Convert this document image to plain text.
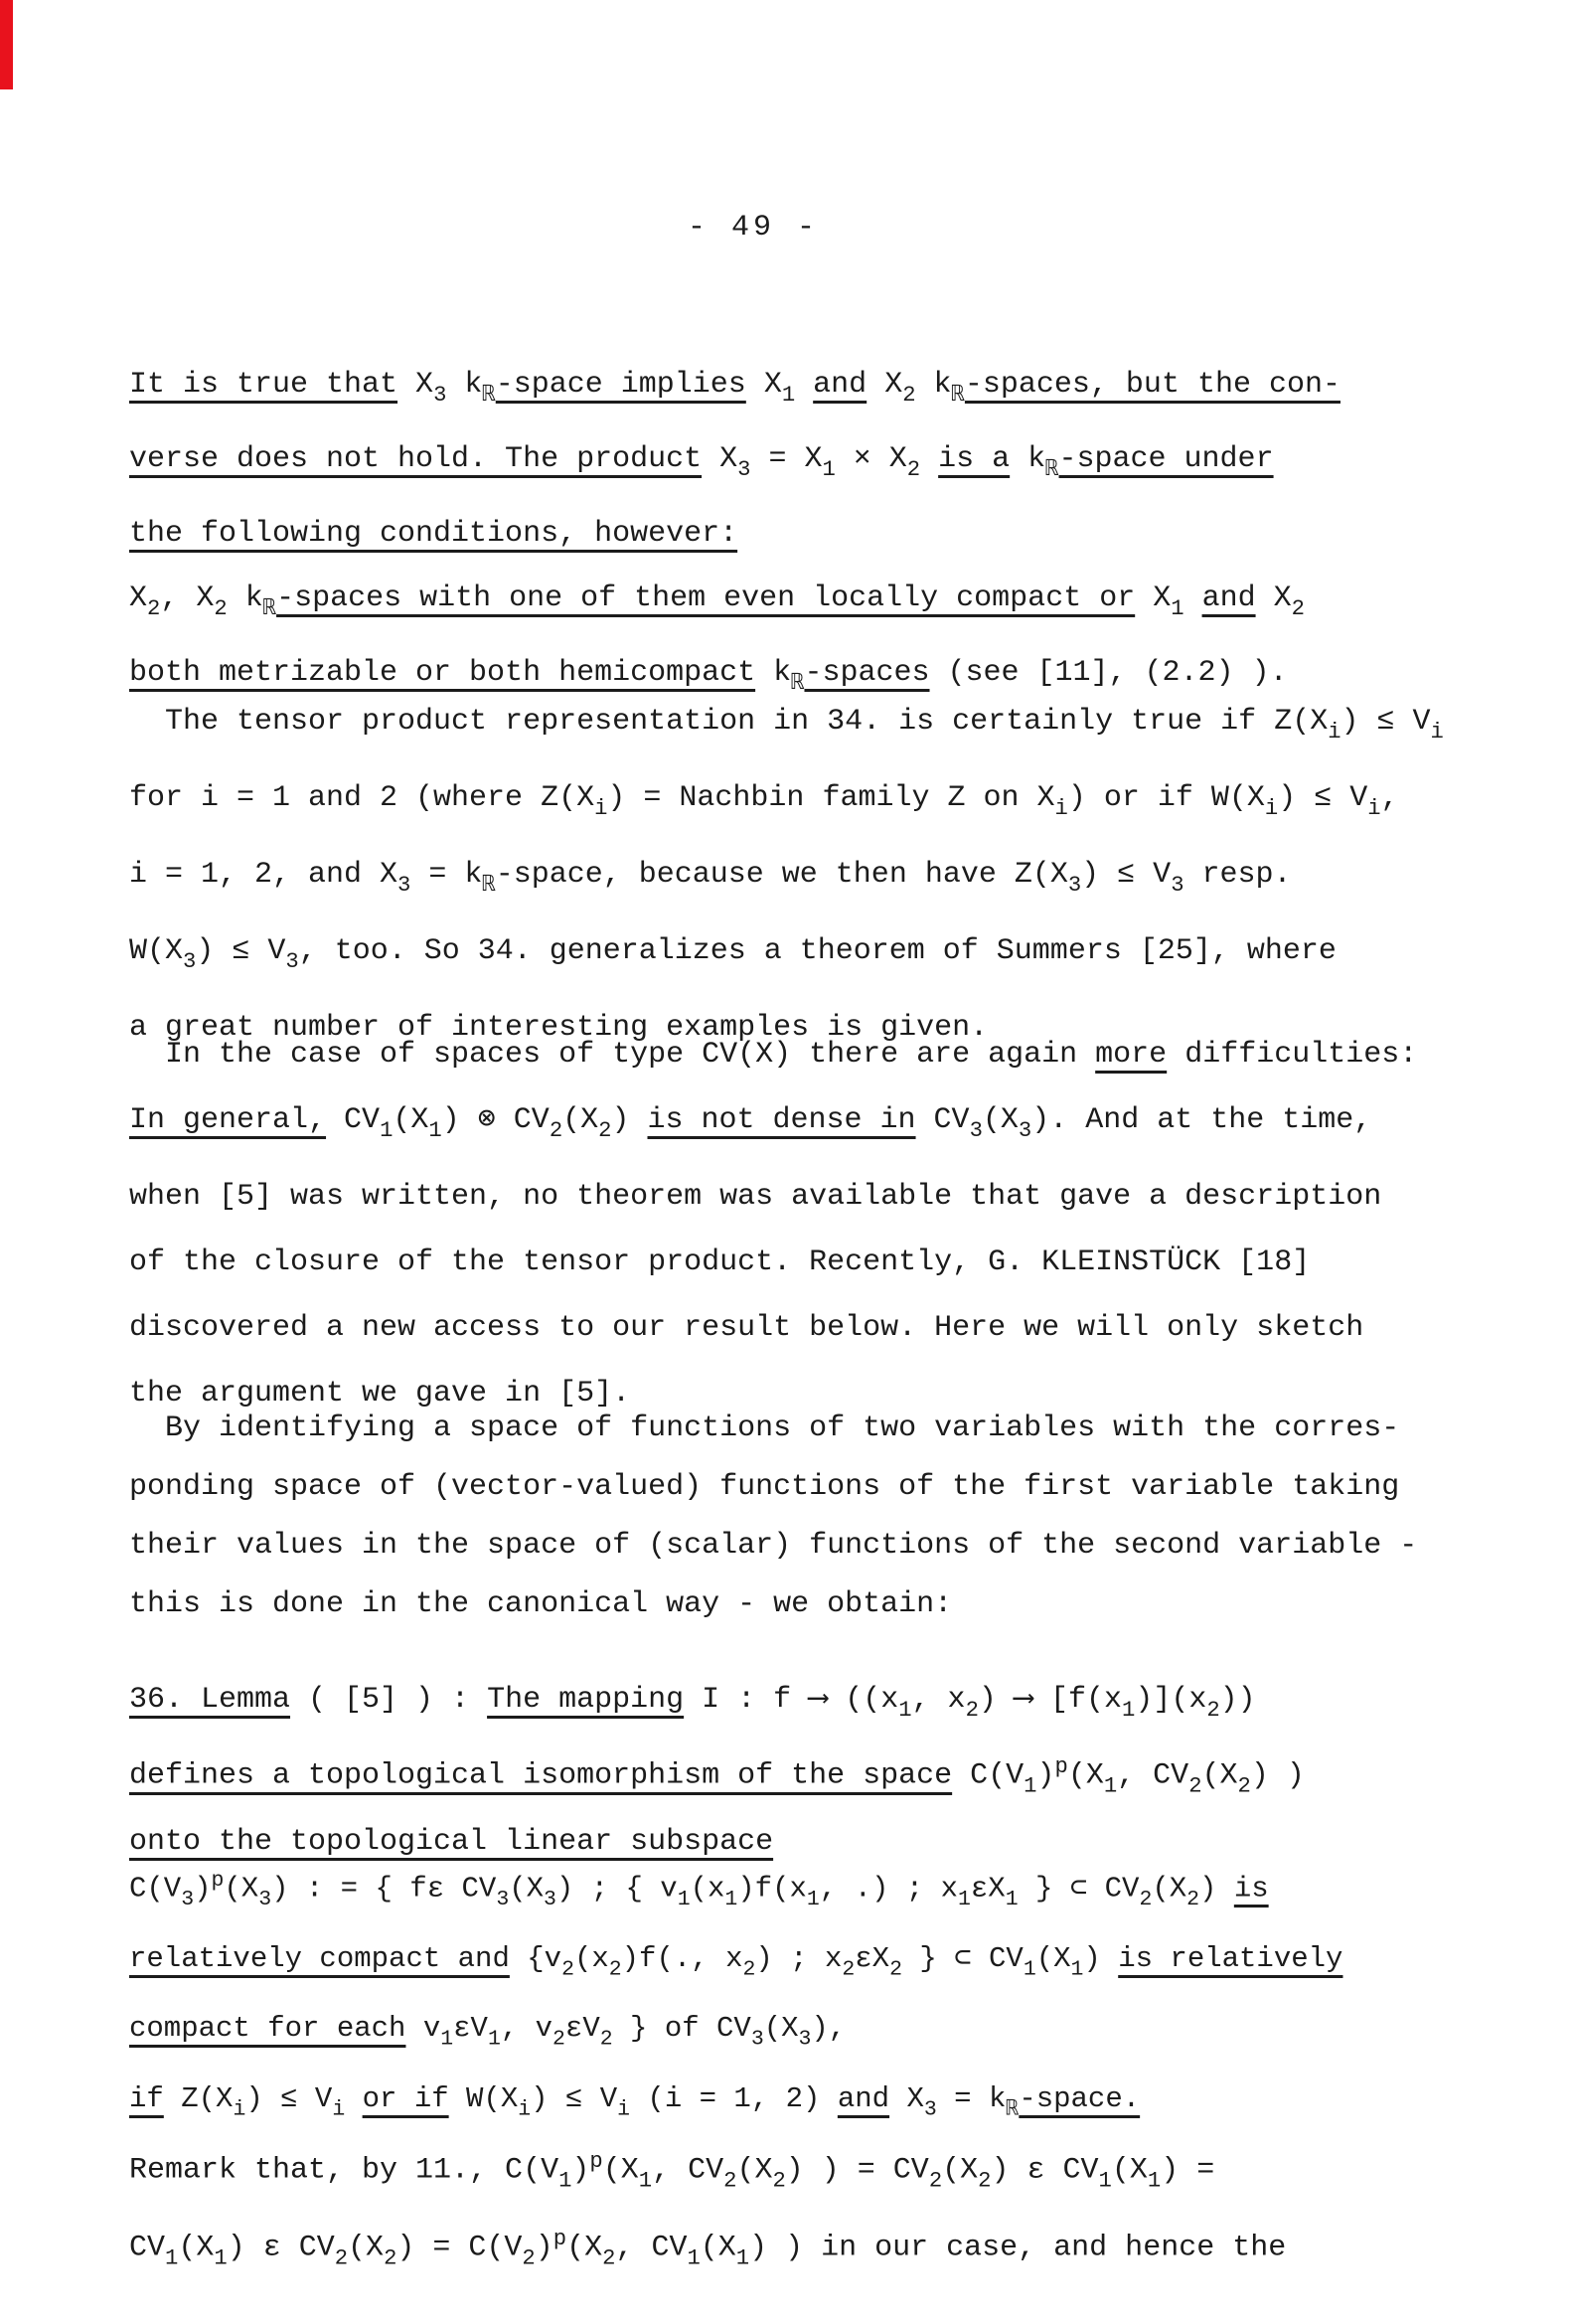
- 49 -
It is true that $X_3$ $k_ℝ$-space implies $X_1$ and $X_2$ $k_ℝ$-spaces, but the con-
verse does not hold. The product $X_3 = X_1 \times X_2$ is a $k_ℝ$-space under
the following conditions, however:
$X_2$, $X_2$ $k_ℝ$-spaces with one of them even locally compact or $X_1$ and $X_2$
both metrizable or both hemicompact $k_ℝ$-spaces (see [11], (2.2) ).
The tensor product representation in 34. is certainly true if $Z(X_i) \le V_i$
for i = 1 and 2 (where $Z(X_i)$ = Nachbin family Z on $X_i$) or if $W(X_i) \le V_i$,
i = 1, 2, and $X_3$ = $k_ℝ$-space, because we then have $Z(X_3) \le V_3$ resp.
$W(X_3) \le V_3$, too. So 34. generalizes a theorem of Summers [25], where
a great number of interesting examples is given.
In the case of spaces of type CV(X) there are again more difficulties:
In general, $CV_1(X_1)$ ⊗ $CV_2(X_2)$ is not dense in $CV_3(X_3)$. And at the time,
when [5] was written, no theorem was available that gave a description
of the closure of the tensor product. Recently, G. KLEINSTÜCK [18]
discovered a new access to our result below. Here we will only sketch
the argument we gave in [5].
By identifying a space of functions of two variables with the corres-
ponding space of (vector-valued) functions of the first variable taking
their values in the space of (scalar) functions of the second variable -
this is done in the canonical way - we obtain:
36. Lemma ( [5] ) : The mapping I : f ⟶ (($x_1$, $x_2$) ⟶ $[f(x_1)](x_2)$)
defines a topological isomorphism of the space $C(V_1)^p(X_1$, $CV_2(X_2)$ )
onto the topological linear subspace
$C(V_3)^p(X_3)$ : = { fε $CV_3(X_3)$ ; { $v_1(x_1)f(x_1$, .) ; $x_1\varepsilon X_1$ } ⊂ $CV_2(X_2)$ is
relatively compact and {$v_2(x_2)f$(., $x_2$) ; $x_2\varepsilon X_2$ } ⊂ $CV_1(X_1)$ is relatively
compact for each $v_1\varepsilon V_1$, $v_2\varepsilon V_2$ } of $CV_3(X_3)$,
if $Z(X_i) \le V_i$ or if $W(X_i) \le V_i$ (i = 1, 2) and $X_3$ = $k_ℝ$-space.
Remark that, by 11., $C(V_1)^p(X_1$, $CV_2(X_2)$ ) = $CV_2(X_2)$ ε $CV_1(X_1)$ =
$CV_1(X_1)$ ε $CV_2(X_2) = C(V_2)^p(X_2$, $CV_1(X_1)$ ) in our case, and hence the
